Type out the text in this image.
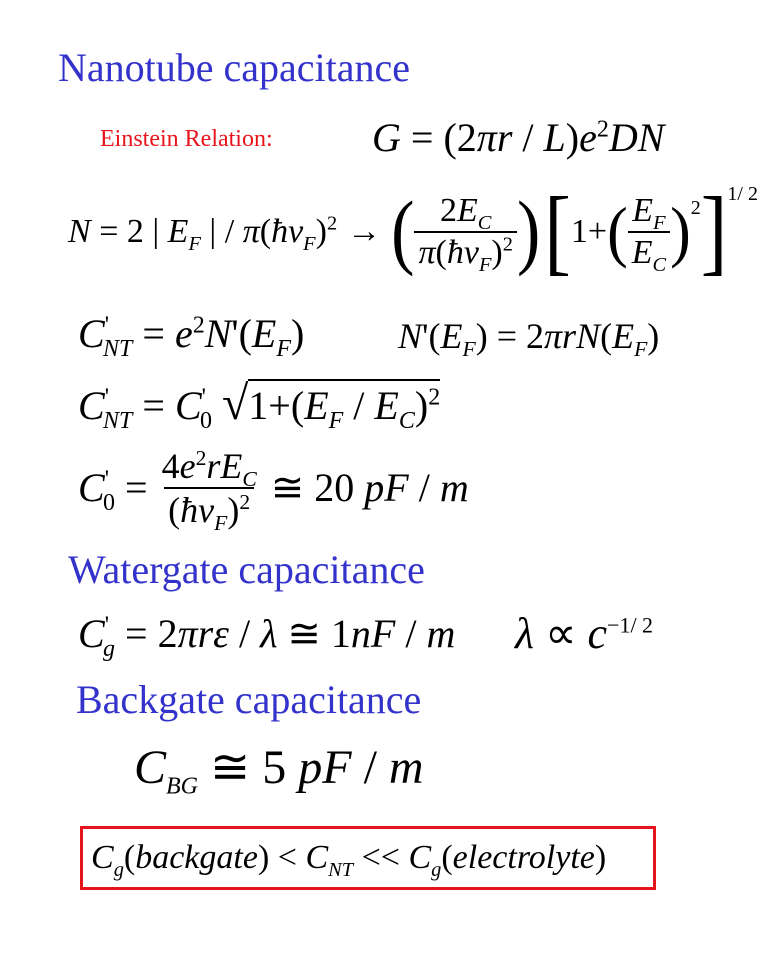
Nanotube capacitance
Einstein Relation: $G = (2\pi r / L)e^2DN$
N = 2 | $E_F$ | / $\pi(ħv_F)^2$ → ( $\frac{2E_C}{\pi(ħv_F)^2}$ ) [ 1+ ( $\frac{E_F}{E_C}$ ) 2 ] 1/ 2
$C'_{NT} = e^2N'(E_F)$	$N'(E_F) = 2\pi rN(E_F)$
$C'_{NT} = C'_0$ $√1+(E_F / E_C)^2$
$C'_0 = \frac{4e^2rE_C}{(ħv_F)^2}$ ≅ 20 pF / m
Watergate capacitance
$C'_g = 2\pi r\varepsilon / \lambda$ ≅ 1nF / m $\lambda \propto c^{-1/ 2}$
Backgate capacitance
$C_{BG}$ ≅ 5 pF / m
$C_g(backgate) < C_{NT}$ << $C_g(electrolyte)$
